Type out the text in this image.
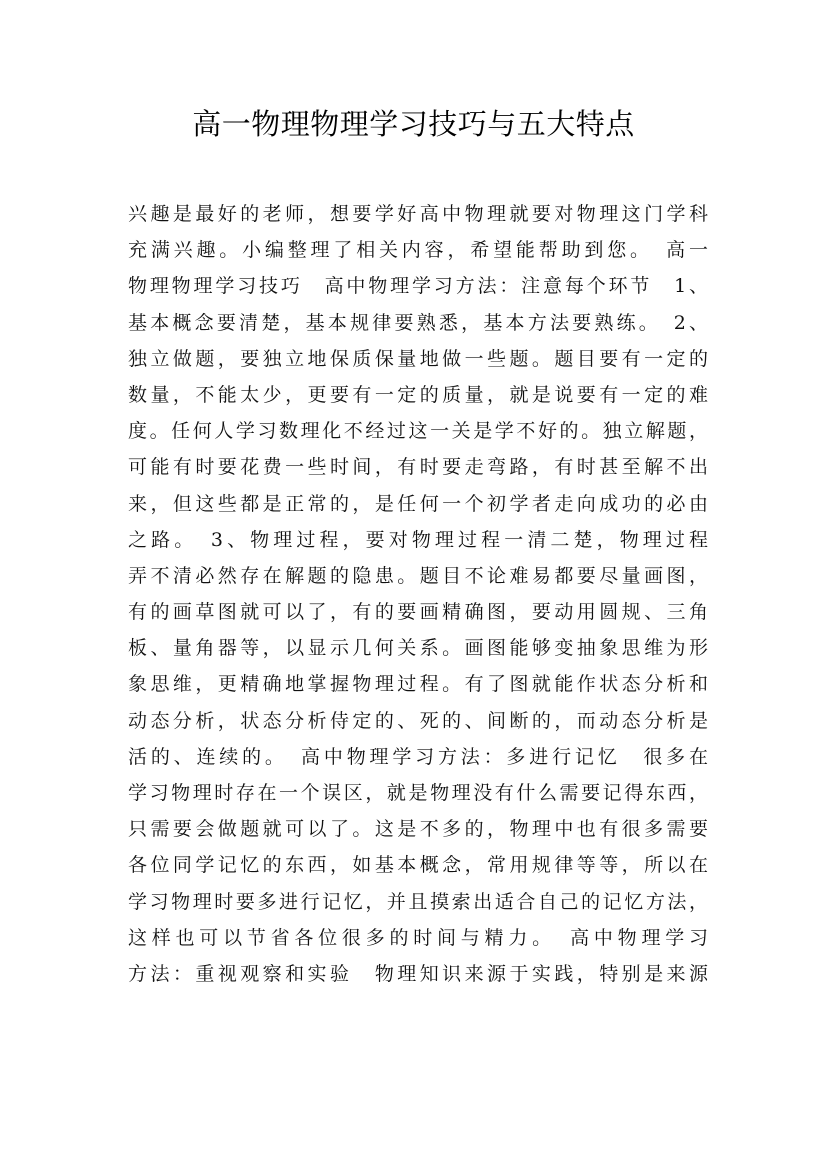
高一物理物理学习技巧与五大特点
兴趣是最好的老师，想要学好高中物理就要对物理这门学科
充满兴趣。小编整理了相关内容，希望能帮助到您。　高一
物理物理学习技巧　高中物理学习方法：注意每个环节　1、
基本概念要清楚，基本规律要熟悉，基本方法要熟练。　2、
独立做题，要独立地保质保量地做一些题。题目要有一定的
数量，不能太少，更要有一定的质量，就是说要有一定的难
度。任何人学习数理化不经过这一关是学不好的。独立解题，
可能有时要花费一些时间，有时要走弯路，有时甚至解不出
来，但这些都是正常的，是任何一个初学者走向成功的必由
之路。　3、物理过程，要对物理过程一清二楚，物理过程
弄不清必然存在解题的隐患。题目不论难易都要尽量画图，
有的画草图就可以了，有的要画精确图，要动用圆规、三角
板、量角器等，以显示几何关系。画图能够变抽象思维为形
象思维，更精确地掌握物理过程。有了图就能作状态分析和
动态分析，状态分析侍定的、死的、间断的，而动态分析是
活的、连续的。　高中物理学习方法：多进行记忆　很多在
学习物理时存在一个误区，就是物理没有什么需要记得东西，
只需要会做题就可以了。这是不多的，物理中也有很多需要
各位同学记忆的东西，如基本概念，常用规律等等，所以在
学习物理时要多进行记忆，并且摸索出适合自己的记忆方法，
这样也可以节省各位很多的时间与精力。　高中物理学习
方法：重视观察和实验　物理知识来源于实践，特别是来源
